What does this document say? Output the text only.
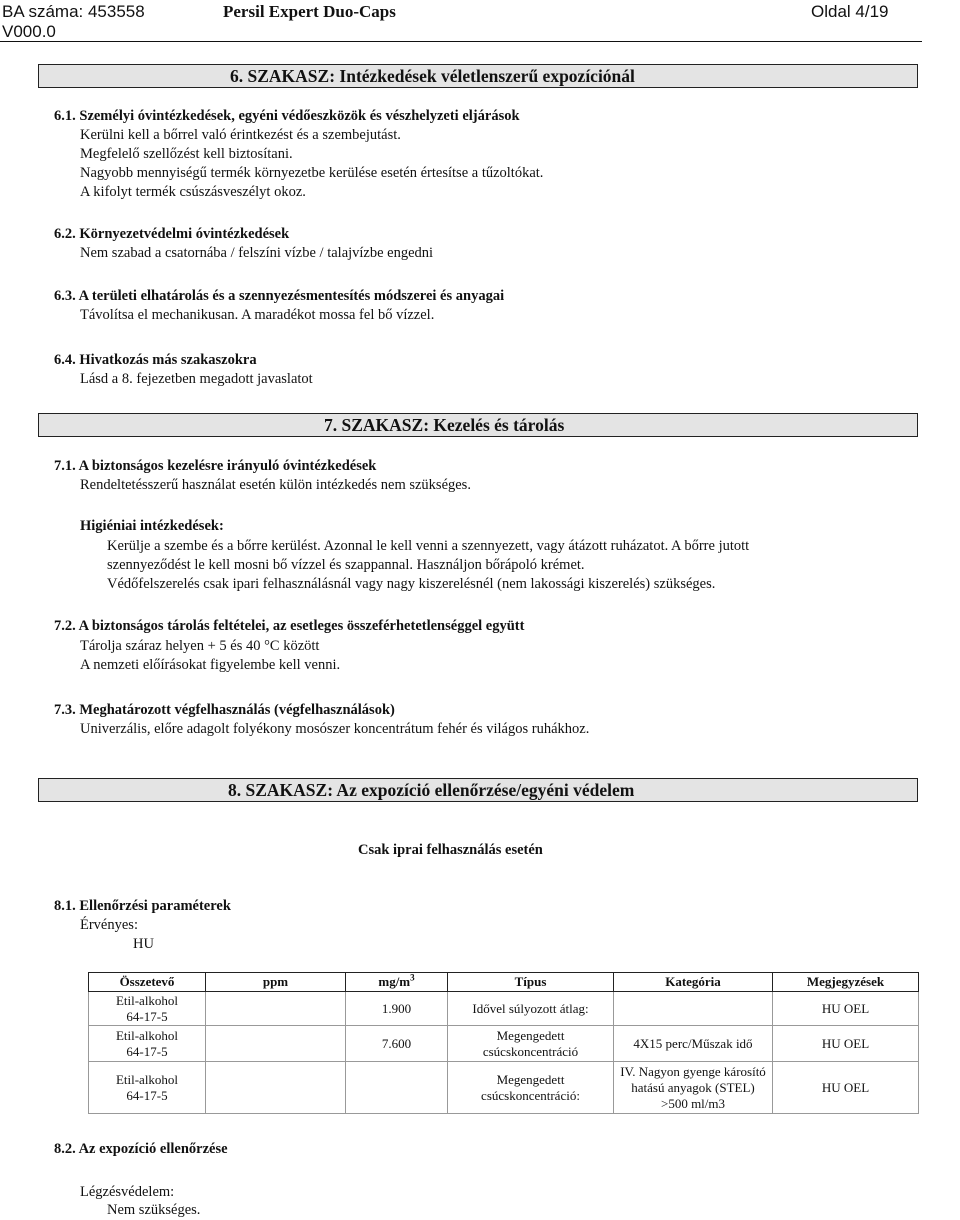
BA száma: 453558
V000.0
Persil Expert Duo-Caps	Oldal 4/19
6. SZAKASZ: Intézkedések véletlenszerű expozíciónál
6.1. Személyi óvintézkedések, egyéni védőeszközök és vészhelyzeti eljárások
Kerülni kell a bőrrel való érintkezést és a szembejutást.
Megfelelő szellőzést kell biztosítani.
Nagyobb mennyiségű termék környezetbe kerülése esetén értesítse a tűzoltókat.
A kifolyt termék csúszásveszélyt okoz.
6.2. Környezetvédelmi óvintézkedések
Nem szabad a csatornába / felszíni vízbe / talajvízbe engedni
6.3. A területi elhatárolás és a szennyezésmentesítés módszerei és anyagai
Távolítsa el mechanikusan. A maradékot mossa fel bő vízzel.
6.4. Hivatkozás más szakaszokra
Lásd a 8. fejezetben megadott javaslatot
7. SZAKASZ: Kezelés és tárolás
7.1. A biztonságos kezelésre irányuló óvintézkedések
Rendeltetésszerű használat esetén külön intézkedés nem szükséges.
Higiéniai intézkedések:
Kerülje a szembe és a bőrre kerülést. Azonnal le kell venni a szennyezett, vagy átázott ruházatot. A bőrre jutott
szennyeződést le kell mosni bő vízzel és szappannal. Használjon bőrápoló krémet.
Védőfelszerelés csak ipari felhasználásnál vagy nagy kiszerelésnél (nem lakossági kiszerelés) szükséges.
7.2. A biztonságos tárolás feltételei, az esetleges összeférhetetlenséggel együtt
Tárolja száraz helyen + 5 és 40 °C között
A nemzeti előírásokat figyelembe kell venni.
7.3. Meghatározott végfelhasználás (végfelhasználások)
Univerzális, előre adagolt folyékony mosószer koncentrátum fehér és világos ruhákhoz.
8. SZAKASZ: Az expozíció ellenőrzése/egyéni védelem
Csak iprai felhasználás esetén
8.1. Ellenőrzési paraméterek
Érvényes:
HU
Összetevő	ppm	$mg/m^3$	Típus	Kategória	Megjegyzések

Etil-alkohol
64-17-5		1.900	Idővel súlyozott átlag:		HU OEL

Etil-alkohol
64-17-5		7.600	Megengedett csúcskoncentráció	4X15 perc/Műszak idő	HU OEL

Etil-alkohol
64-17-5			Megengedett csúcskoncentráció:	IV. Nagyon gyenge károsító hatású anyagok (STEL) >500 ml/m3	HU OEL
8.2. Az expozíció ellenőrzése
Légzésvédelem:
Nem szükséges.
